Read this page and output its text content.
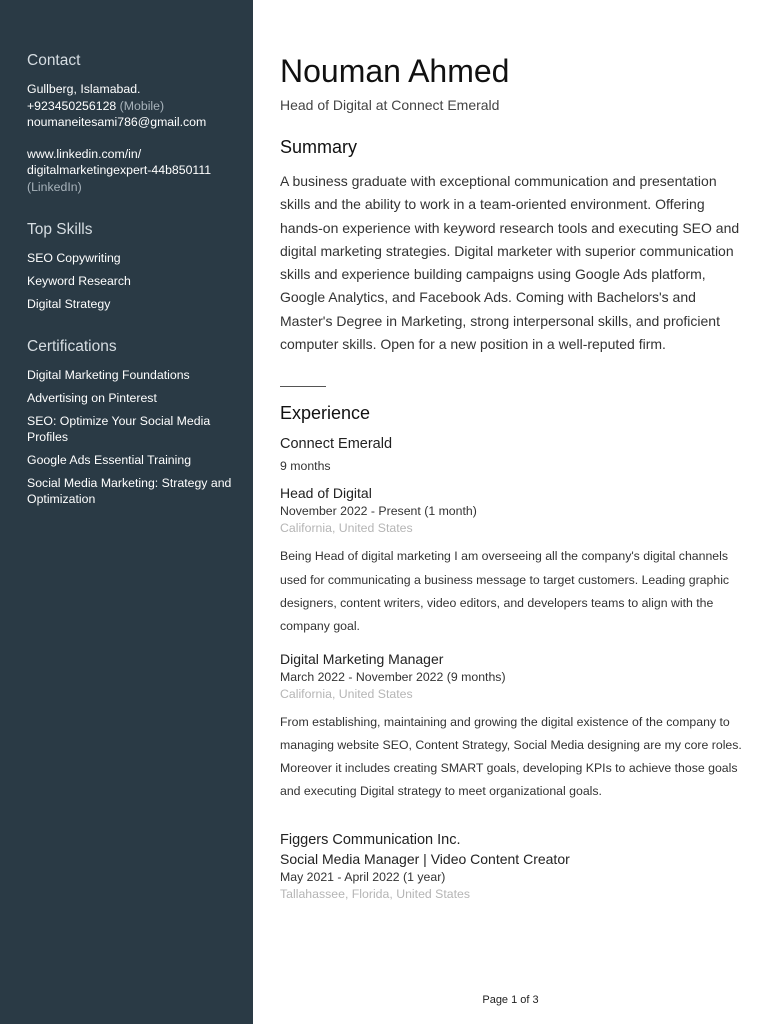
Contact
Gullberg, Islamabad.
+923450256128 (Mobile)
noumaneitesami786@gmail.com
www.linkedin.com/in/
digitalmarketingexpert-44b850111
(LinkedIn)
Top Skills
SEO Copywriting
Keyword Research
Digital Strategy
Certifications
Digital Marketing Foundations
Advertising on Pinterest
SEO: Optimize Your Social Media Profiles
Google Ads Essential Training
Social Media Marketing: Strategy and Optimization
Nouman Ahmed
Head of Digital at Connect Emerald
Summary

A business graduate with exceptional communication and presentation skills and the ability to work in a team-oriented environment. Offering hands-on experience with keyword research tools and executing SEO and digital marketing strategies. Digital marketer with superior communication skills and experience building campaigns using Google Ads platform, Google Analytics, and Facebook Ads. Coming with Bachelors's and Master's Degree in Marketing, strong interpersonal skills, and proficient computer skills. Open for a new position in a well-reputed firm.

Experience
Connect Emerald
9 months
Head of Digital
November 2022 - Present (1 month)
California, United States
Being Head of digital marketing I am overseeing all the company's digital channels used for communicating a business message to target customers. Leading graphic designers, content writers, video editors, and developers teams to align with the company goal.
Digital Marketing Manager
March 2022 - November 2022 (9 months)
California, United States
From establishing, maintaining and growing the digital existence of the company to managing website SEO, Content Strategy, Social Media designing are my core roles. Moreover it includes creating SMART goals, developing KPIs to achieve those goals and executing Digital strategy to meet organizational goals.
Figgers Communication Inc.
Social Media Manager | Video Content Creator
May 2021 - April 2022 (1 year)
Tallahassee, Florida, United States
Page 1 of 3
